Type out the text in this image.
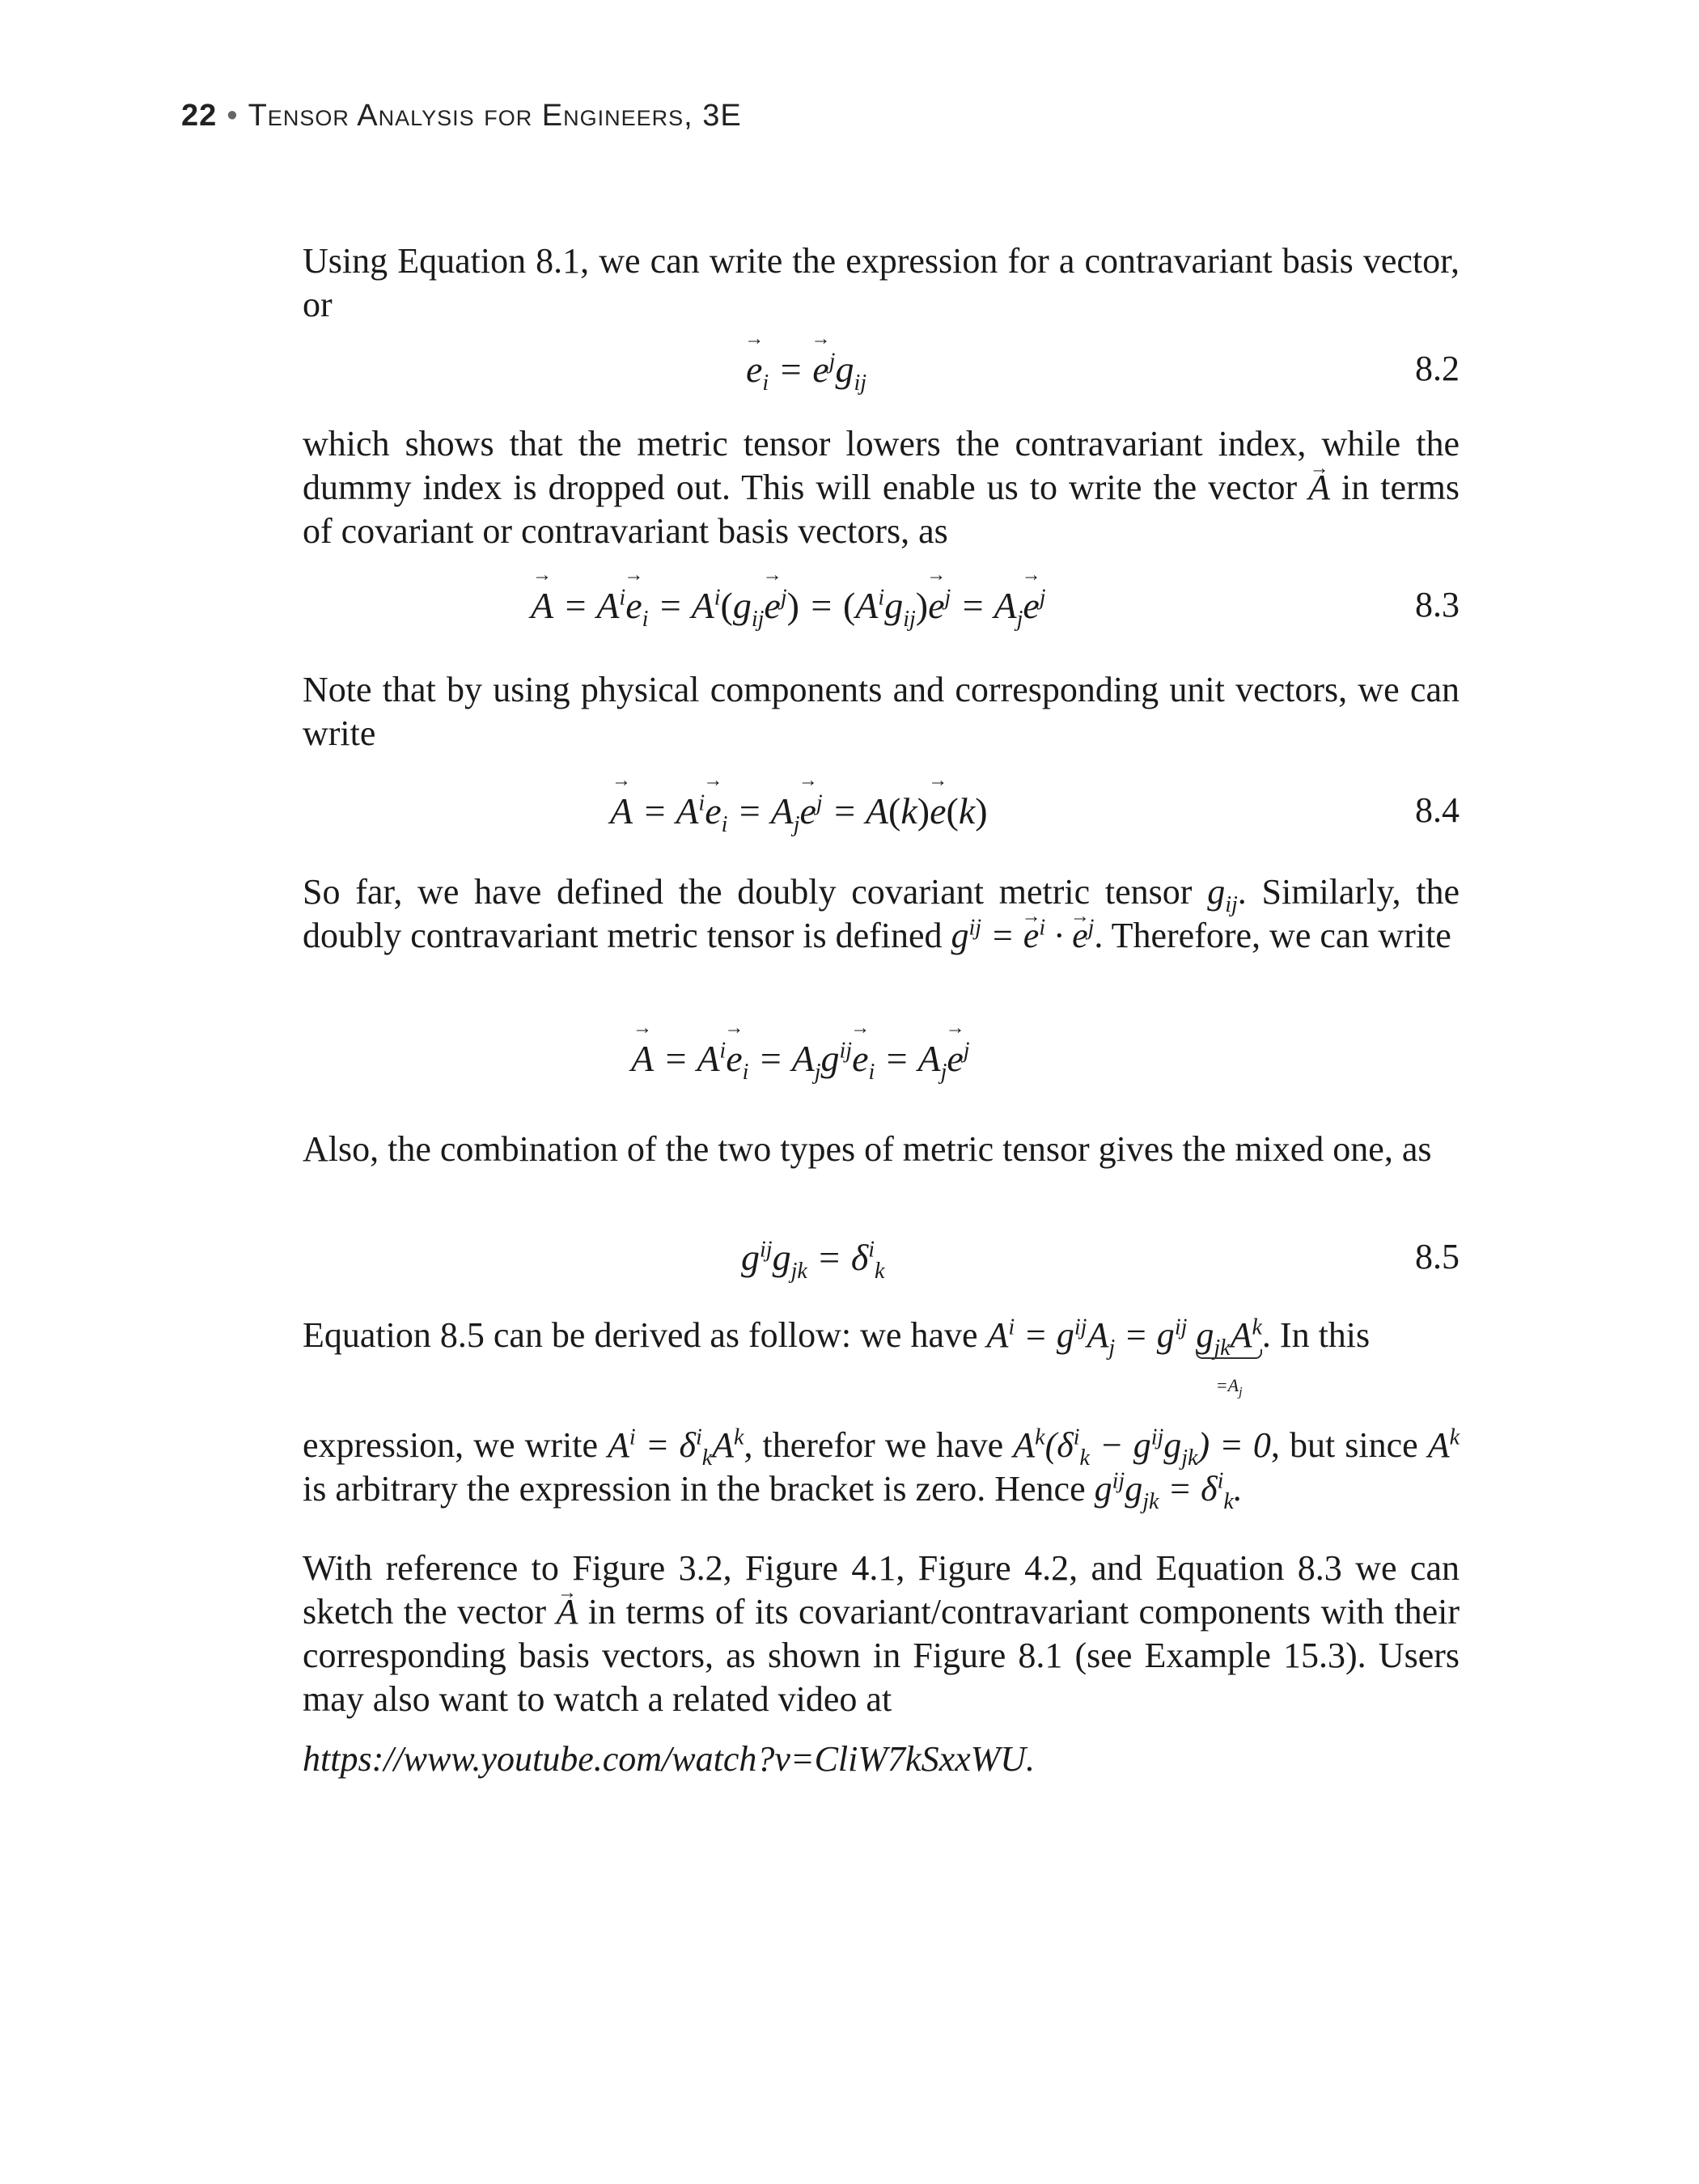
22 • Tensor Analysis for Engineers, 3E
Using Equation 8.1, we can write the expression for a contravariant basis vector, or
→ $e_i$ = → $e^jg_{ij}$	8.2
which shows that the metric tensor lowers the contravariant index, while the dummy index is dropped out. This will enable us to write the vector → A in terms of covariant or contravariant basis vectors, as
→ $A = A^i\to e_i = A^i(g_{ij}\to e^j) = (A^ig_{ij})\to e^j = A_j\to e^j$	8.3
Note that by using physical components and corresponding unit vectors, we can write
→ $A = A^i\to e_i = A_j\to e^j = A(k)\to e(k)$	8.4
So far, we have defined the doubly covariant metric tensor $g_{ij}$. Similarly, the doubly contravariant metric tensor is defined $g^{ij}$ = → $e^i$ · → $e^j$. Therefore, we can write
→ $A = A^i\to e_i = A_jg^{ij}\to e_i = A_j\to e^j$
Also, the combination of the two types of metric tensor gives the mixed one, as
$g^{ij}g_{jk} = \delta^i_k$	8.5
Equation 8.5 can be derived as follow: we have $A^i = g^{ij}A_j = g^{ij}$ $g_{jk}A^k$
$=A_j$
. In this
expression, we write $A^i = \delta^i_kA^k$, therefor we have $A^k(\delta^i_k - g^{ij}g_{jk}) = 0$, but since $A^k$ is arbitrary the expression in the bracket is zero. Hence $g^{ij}g_{jk} = \delta^i_k$.
With reference to Figure 3.2, Figure 4.1, Figure 4.2, and Equation 8.3 we can sketch the vector → A in terms of its covariant/contravariant components with their corresponding basis vectors, as shown in Figure 8.1 (see Example 15.3). Users may also want to watch a related video at
https://www.youtube.com/watch?v=CliW7kSxxWU.
